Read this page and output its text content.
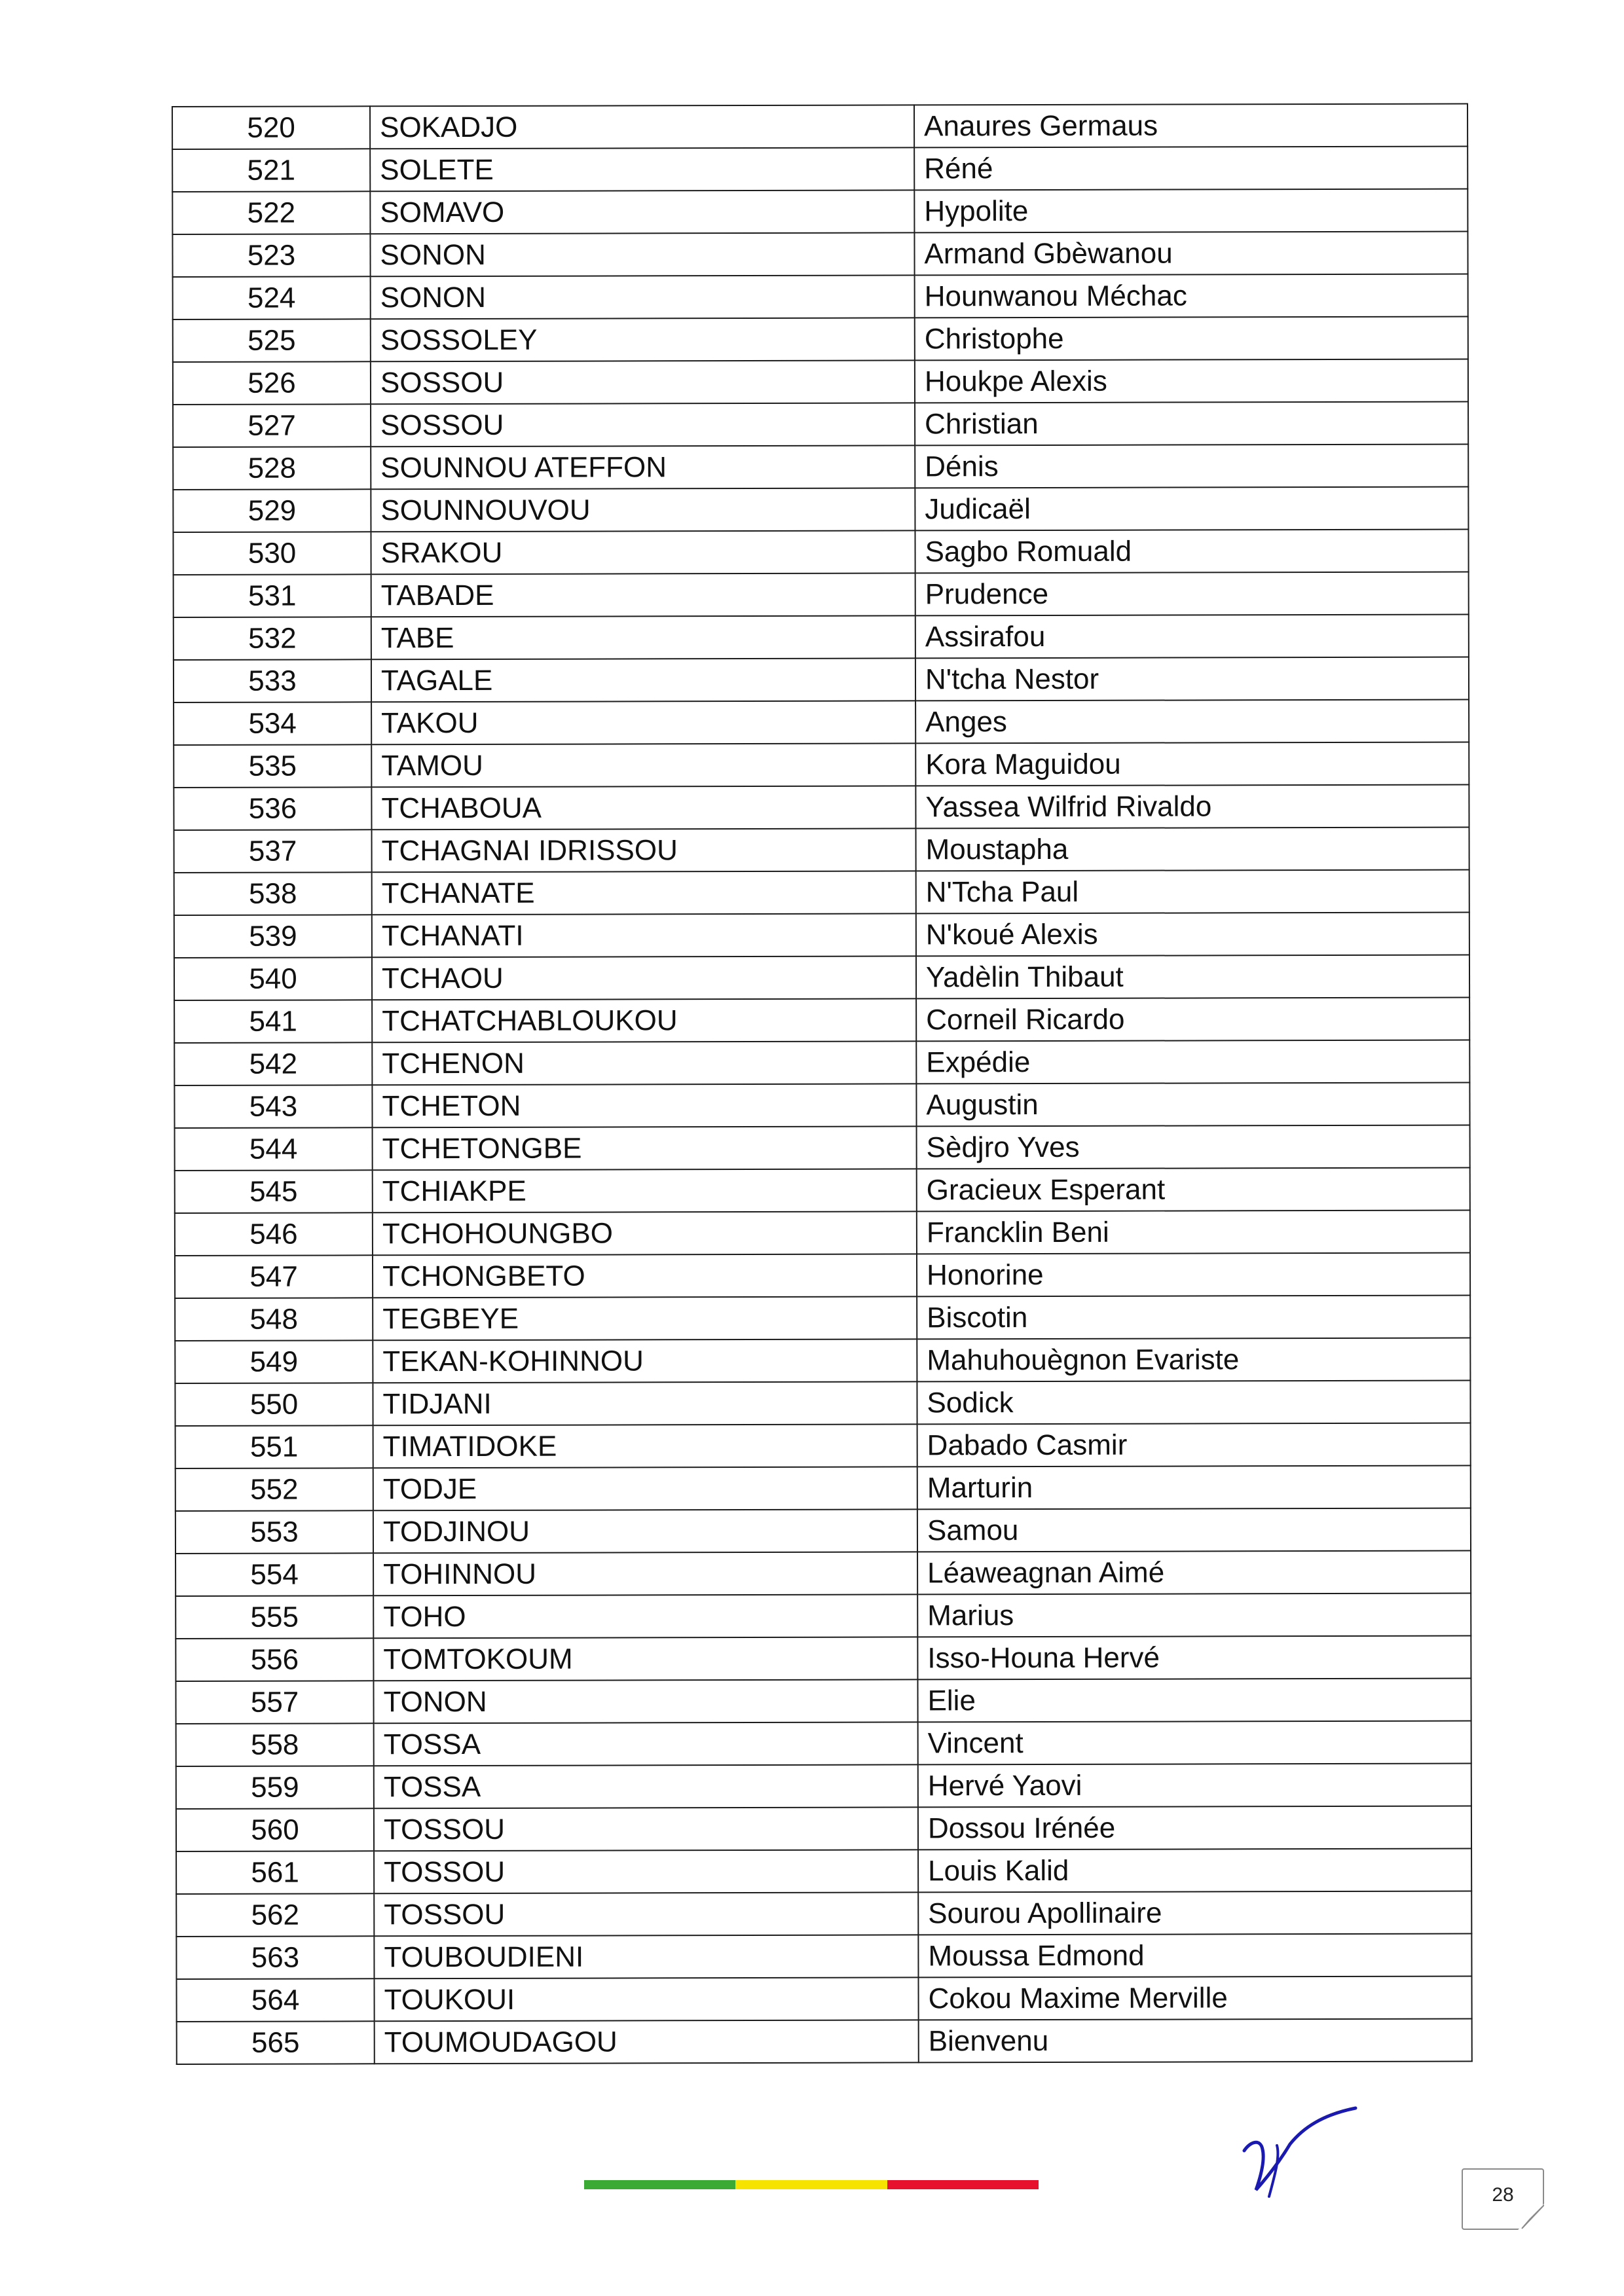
520	SOKADJO	Anaures Germaus
521	SOLETE	Réné
522	SOMAVO	Hypolite
523	SONON	Armand Gbèwanou
524	SONON	Hounwanou Méchac
525	SOSSOLEY	Christophe
526	SOSSOU	Houkpe Alexis
527	SOSSOU	Christian
528	SOUNNOU ATEFFON	Dénis
529	SOUNNOUVOU	Judicaël
530	SRAKOU	Sagbo Romuald
531	TABADE	Prudence
532	TABE	Assirafou
533	TAGALE	N'tcha Nestor
534	TAKOU	Anges
535	TAMOU	Kora Maguidou
536	TCHABOUA	Yassea Wilfrid Rivaldo
537	TCHAGNAI IDRISSOU	Moustapha
538	TCHANATE	N'Tcha Paul
539	TCHANATI	N'koué Alexis
540	TCHAOU	Yadèlin Thibaut
541	TCHATCHABLOUKOU	Corneil Ricardo
542	TCHENON	Expédie
543	TCHETON	Augustin
544	TCHETONGBE	Sèdjro Yves
545	TCHIAKPE	Gracieux Esperant
546	TCHOHOUNGBO	Francklin Beni
547	TCHONGBETO	Honorine
548	TEGBEYE	Biscotin
549	TEKAN-KOHINNOU	Mahuhouègnon Evariste
550	TIDJANI	Sodick
551	TIMATIDOKE	Dabado Casmir
552	TODJE	Marturin
553	TODJINOU	Samou
554	TOHINNOU	Léaweagnan Aimé
555	TOHO	Marius
556	TOMTOKOUM	Isso-Houna Hervé
557	TONON	Elie
558	TOSSA	Vincent
559	TOSSA	Hervé Yaovi
560	TOSSOU	Dossou Irénée
561	TOSSOU	Louis Kalid
562	TOSSOU	Sourou Apollinaire
563	TOUBOUDIENI	Moussa Edmond
564	TOUKOUI	Cokou Maxime Merville
565	TOUMOUDAGOU	Bienvenu
28
